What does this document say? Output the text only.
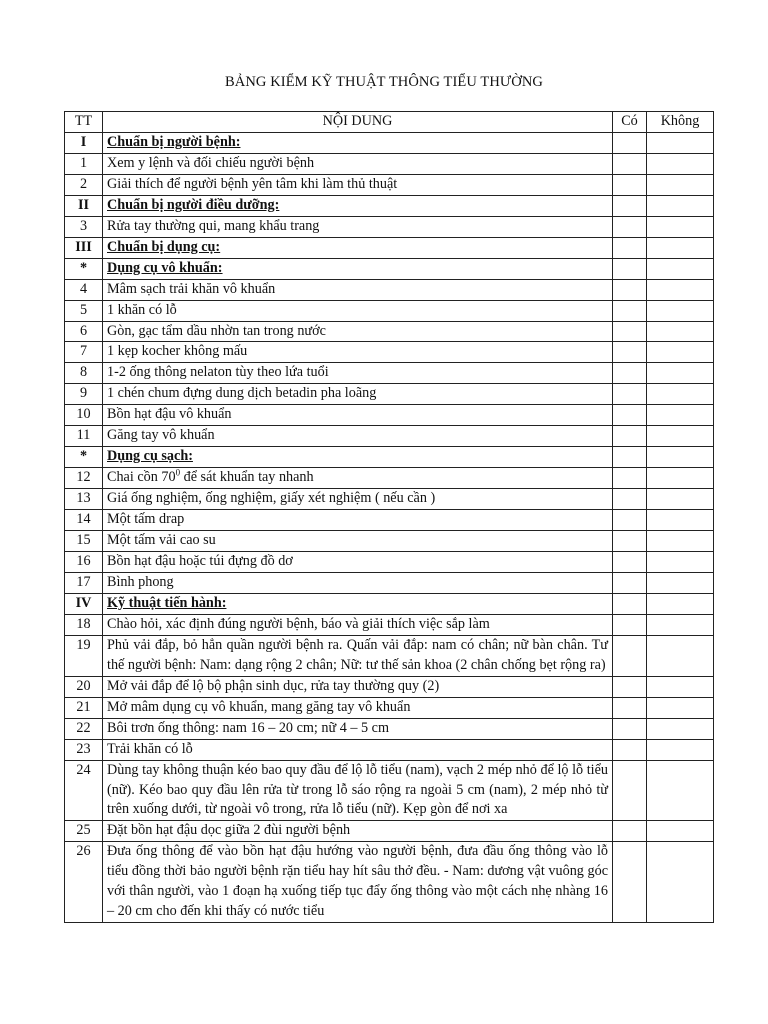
BẢNG KIỂM KỸ THUẬT THÔNG TIỂU THƯỜNG
TT	NỘI DUNG	Có	Không
I	Chuẩn bị người bệnh:		
1	Xem y lệnh và đối chiếu người bệnh		
2	Giải thích để người bệnh yên tâm khi làm thủ thuật		
II	Chuẩn bị người điều dưỡng:		
3	Rửa tay thường qui, mang khẩu trang		
III	Chuẩn bị dụng cụ:		
*	Dụng cụ vô khuẩn:		
4	Mâm sạch trải khăn vô khuẩn		
5	1 khăn có lỗ		
6	Gòn, gạc tẩm dầu nhờn tan trong nước		
7	1 kẹp kocher không mấu		
8	1-2 ống thông nelaton tùy theo lứa tuổi		
9	1 chén chum đựng dung dịch betadin pha loãng		
10	Bồn hạt đậu vô khuẩn		
11	Găng tay vô khuẩn		
*	Dụng cụ sạch:		
12	Chai cồn $70^0$ để sát khuẩn tay nhanh		
13	Giá ống nghiệm, ống nghiệm, giấy xét nghiệm ( nếu cần )		
14	Một tấm drap		
15	Một tấm vải cao su		
16	Bồn hạt đậu hoặc túi đựng đồ dơ		
17	Bình phong		
IV	Kỹ thuật tiến hành:		
18	Chào hỏi, xác định đúng người bệnh, báo và giải thích việc sắp làm		
19	Phủ vải đắp, bỏ hẳn quần người bệnh ra. Quấn vải đắp: nam có chân; nữ bàn chân. Tư thế người bệnh: Nam: dạng rộng 2 chân; Nữ: tư thế sản khoa (2 chân chống bẹt rộng ra)		
20	Mở vải đắp để lộ bộ phận sinh dục, rửa tay thường quy (2)		
21	Mở mâm dụng cụ vô khuẩn, mang găng tay vô khuẩn		
22	Bôi trơn ống thông: nam 16 – 20 cm; nữ 4 – 5 cm		
23	Trải khăn có lỗ		
24	Dùng tay không thuận kéo bao quy đầu để lộ lỗ tiểu (nam), vạch 2 mép nhỏ để lộ lỗ tiểu (nữ). Kéo bao quy đầu lên rửa từ trong lỗ sáo rộng ra ngoài 5 cm (nam), 2 mép nhỏ từ trên xuống dưới, từ ngoài vô trong, rửa lỗ tiểu (nữ). Kẹp gòn để nơi xa		
25	Đặt bồn hạt đậu dọc giữa 2 đùi người bệnh		
26	Đưa ống thông để vào bồn hạt đậu hướng vào người bệnh, đưa đầu ống thông vào lỗ tiểu đồng thời bảo người bệnh rặn tiểu hay hít sâu thở đều. - Nam: dương vật vuông góc với thân người, vào 1 đoạn hạ xuống tiếp tục đẩy ống thông vào một cách nhẹ nhàng 16 – 20 cm cho đến khi thấy có nước tiểu		
